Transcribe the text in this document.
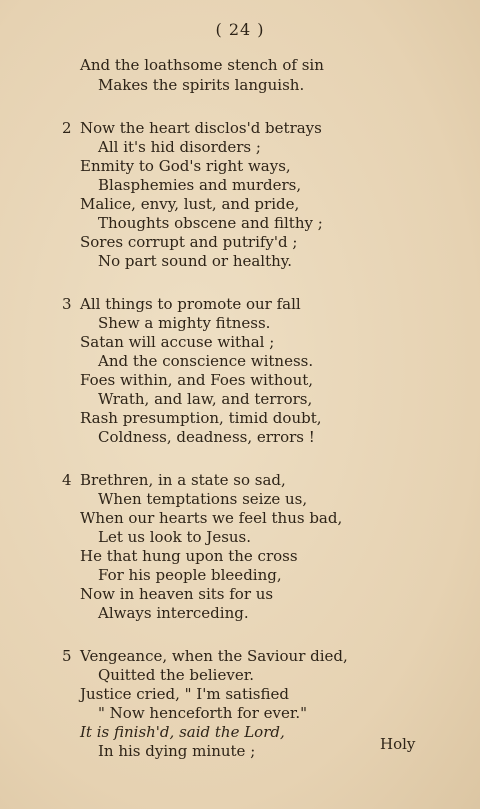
( 24 )
And the loathsome stench of sin
Makes the spirits languish.
2 Now the heart disclos'd betrays
All it's hid disorders ;
Enmity to God's right ways,
Blasphemies and murders,
Malice, envy, lust, and pride,
Thoughts obscene and filthy ;
Sores corrupt and putrify'd ;
No part sound or healthy.
3 All things to promote our fall
Shew a mighty fitness.
Satan will accuse withal ;
And the conscience witness.
Foes within, and Foes without,
Wrath, and law, and terrors,
Rash presumption, timid doubt,
Coldness, deadness, errors !
4 Brethren, in a state so sad,
When temptations seize us,
When our hearts we feel thus bad,
Let us look to Jesus.
He that hung upon the cross
For his people bleeding,
Now in heaven sits for us
Always interceding.
5 Vengeance, when the Saviour died,
Quitted the believer.
Justice cried, " I'm satisfied
" Now henceforth for ever."
It is finish'd, said the Lord,
In his dying minute ;	Holy
